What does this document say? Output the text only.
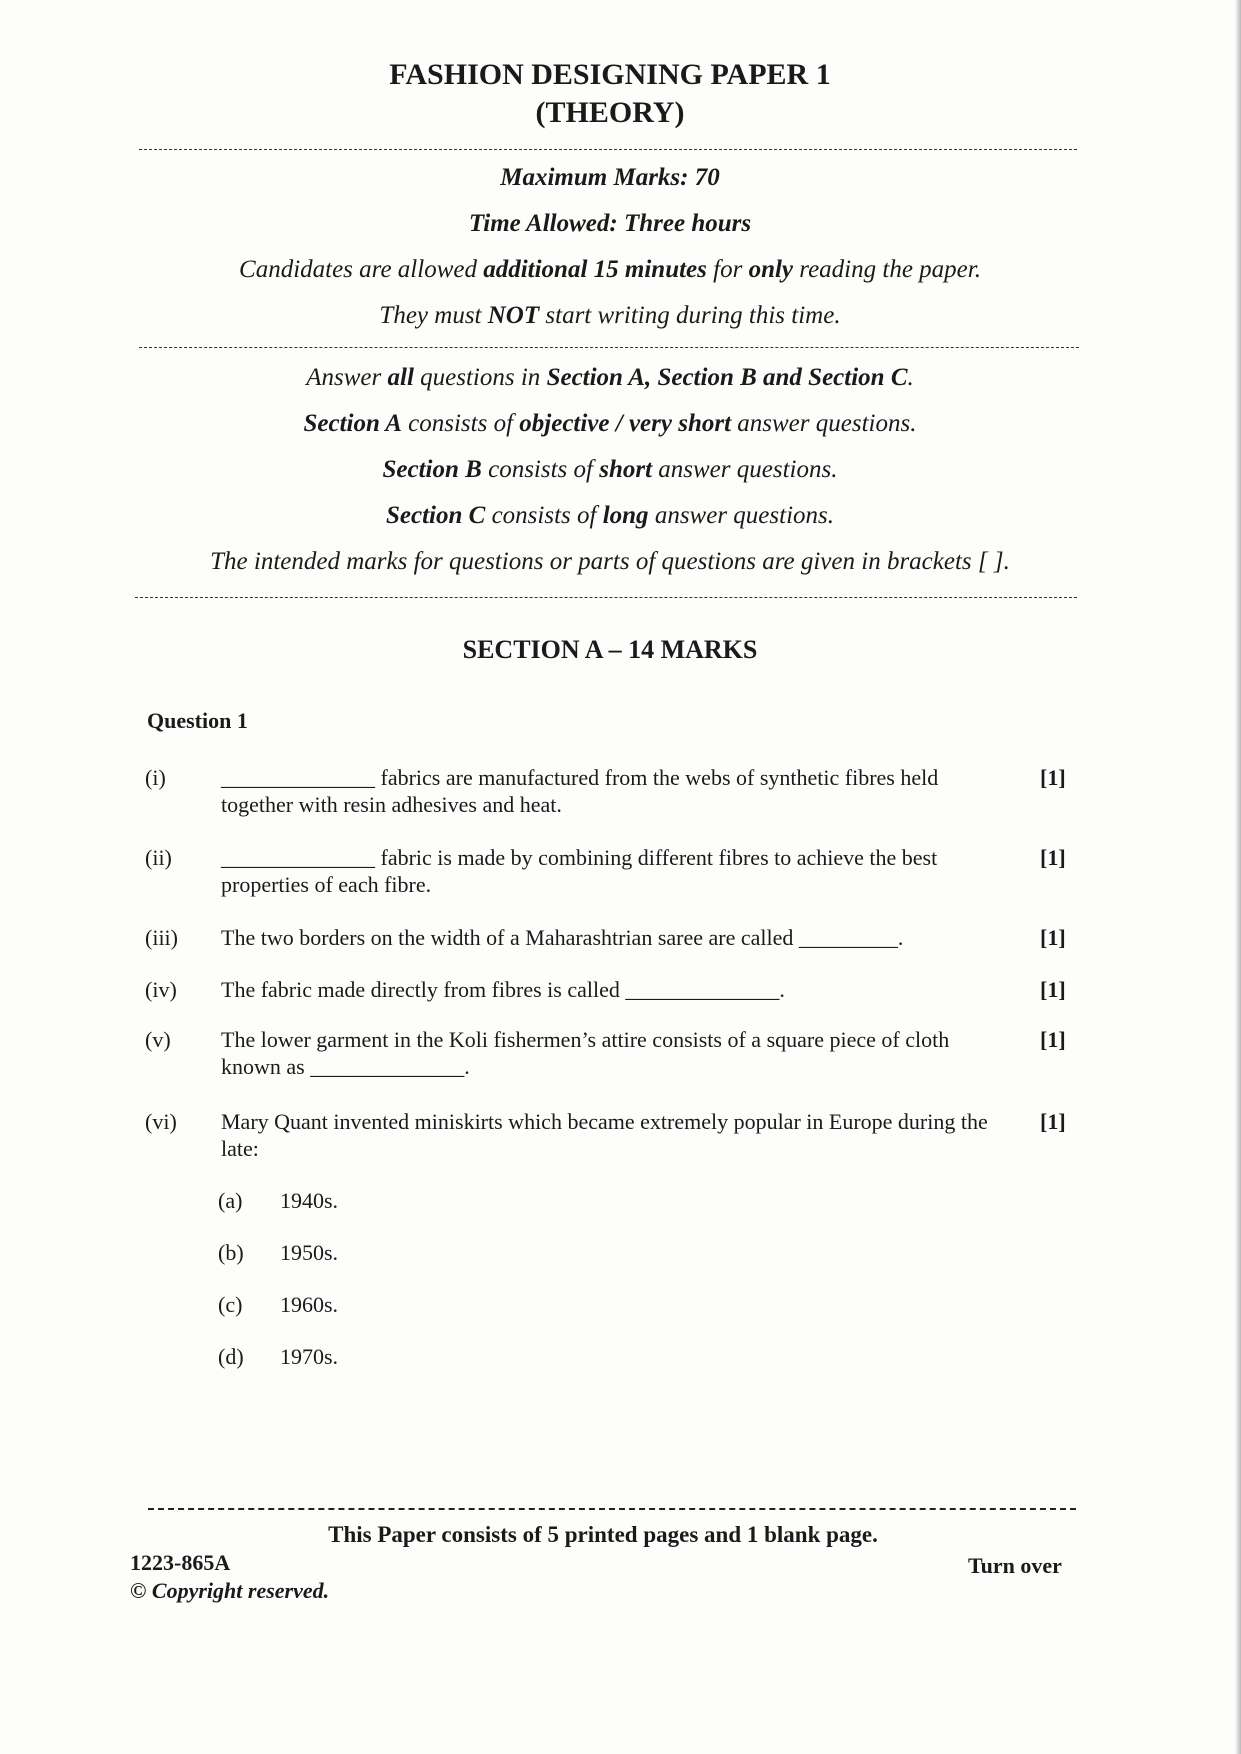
FASHION DESIGNING PAPER 1
(THEORY)
Maximum Marks: 70
Time Allowed: Three hours
Candidates are allowed additional 15 minutes for only reading the paper.
They must NOT start writing during this time.
Answer all questions in Section A, Section B and Section C.
Section A consists of objective / very short answer questions.
Section B consists of short answer questions.
Section C consists of long answer questions.
The intended marks for questions or parts of questions are given in brackets [ ].
SECTION A – 14 MARKS
Question 1
(i)	______________ fabrics are manufactured from the webs of synthetic fibres held together with resin adhesives and heat.
[1]
(ii) ______________ fabric is made by combining different fibres to achieve the best properties of each fibre.
[1]
(iii) The two borders on the width of a Maharashtrian saree are called _________.	[1]
(iv) The fabric made directly from fibres is called ______________.	[1]
(v) The lower garment in the Koli fishermen’s attire consists of a square piece of cloth known as ______________.
[1]
(vi) Mary Quant invented miniskirts which became extremely popular in Europe during the late:
[1]
(a) 1940s.
(b) 1950s.
(c) 1960s.
(d) 1970s.
This Paper consists of 5 printed pages and 1 blank page.
1223-865A
© Copyright reserved.
Turn over
